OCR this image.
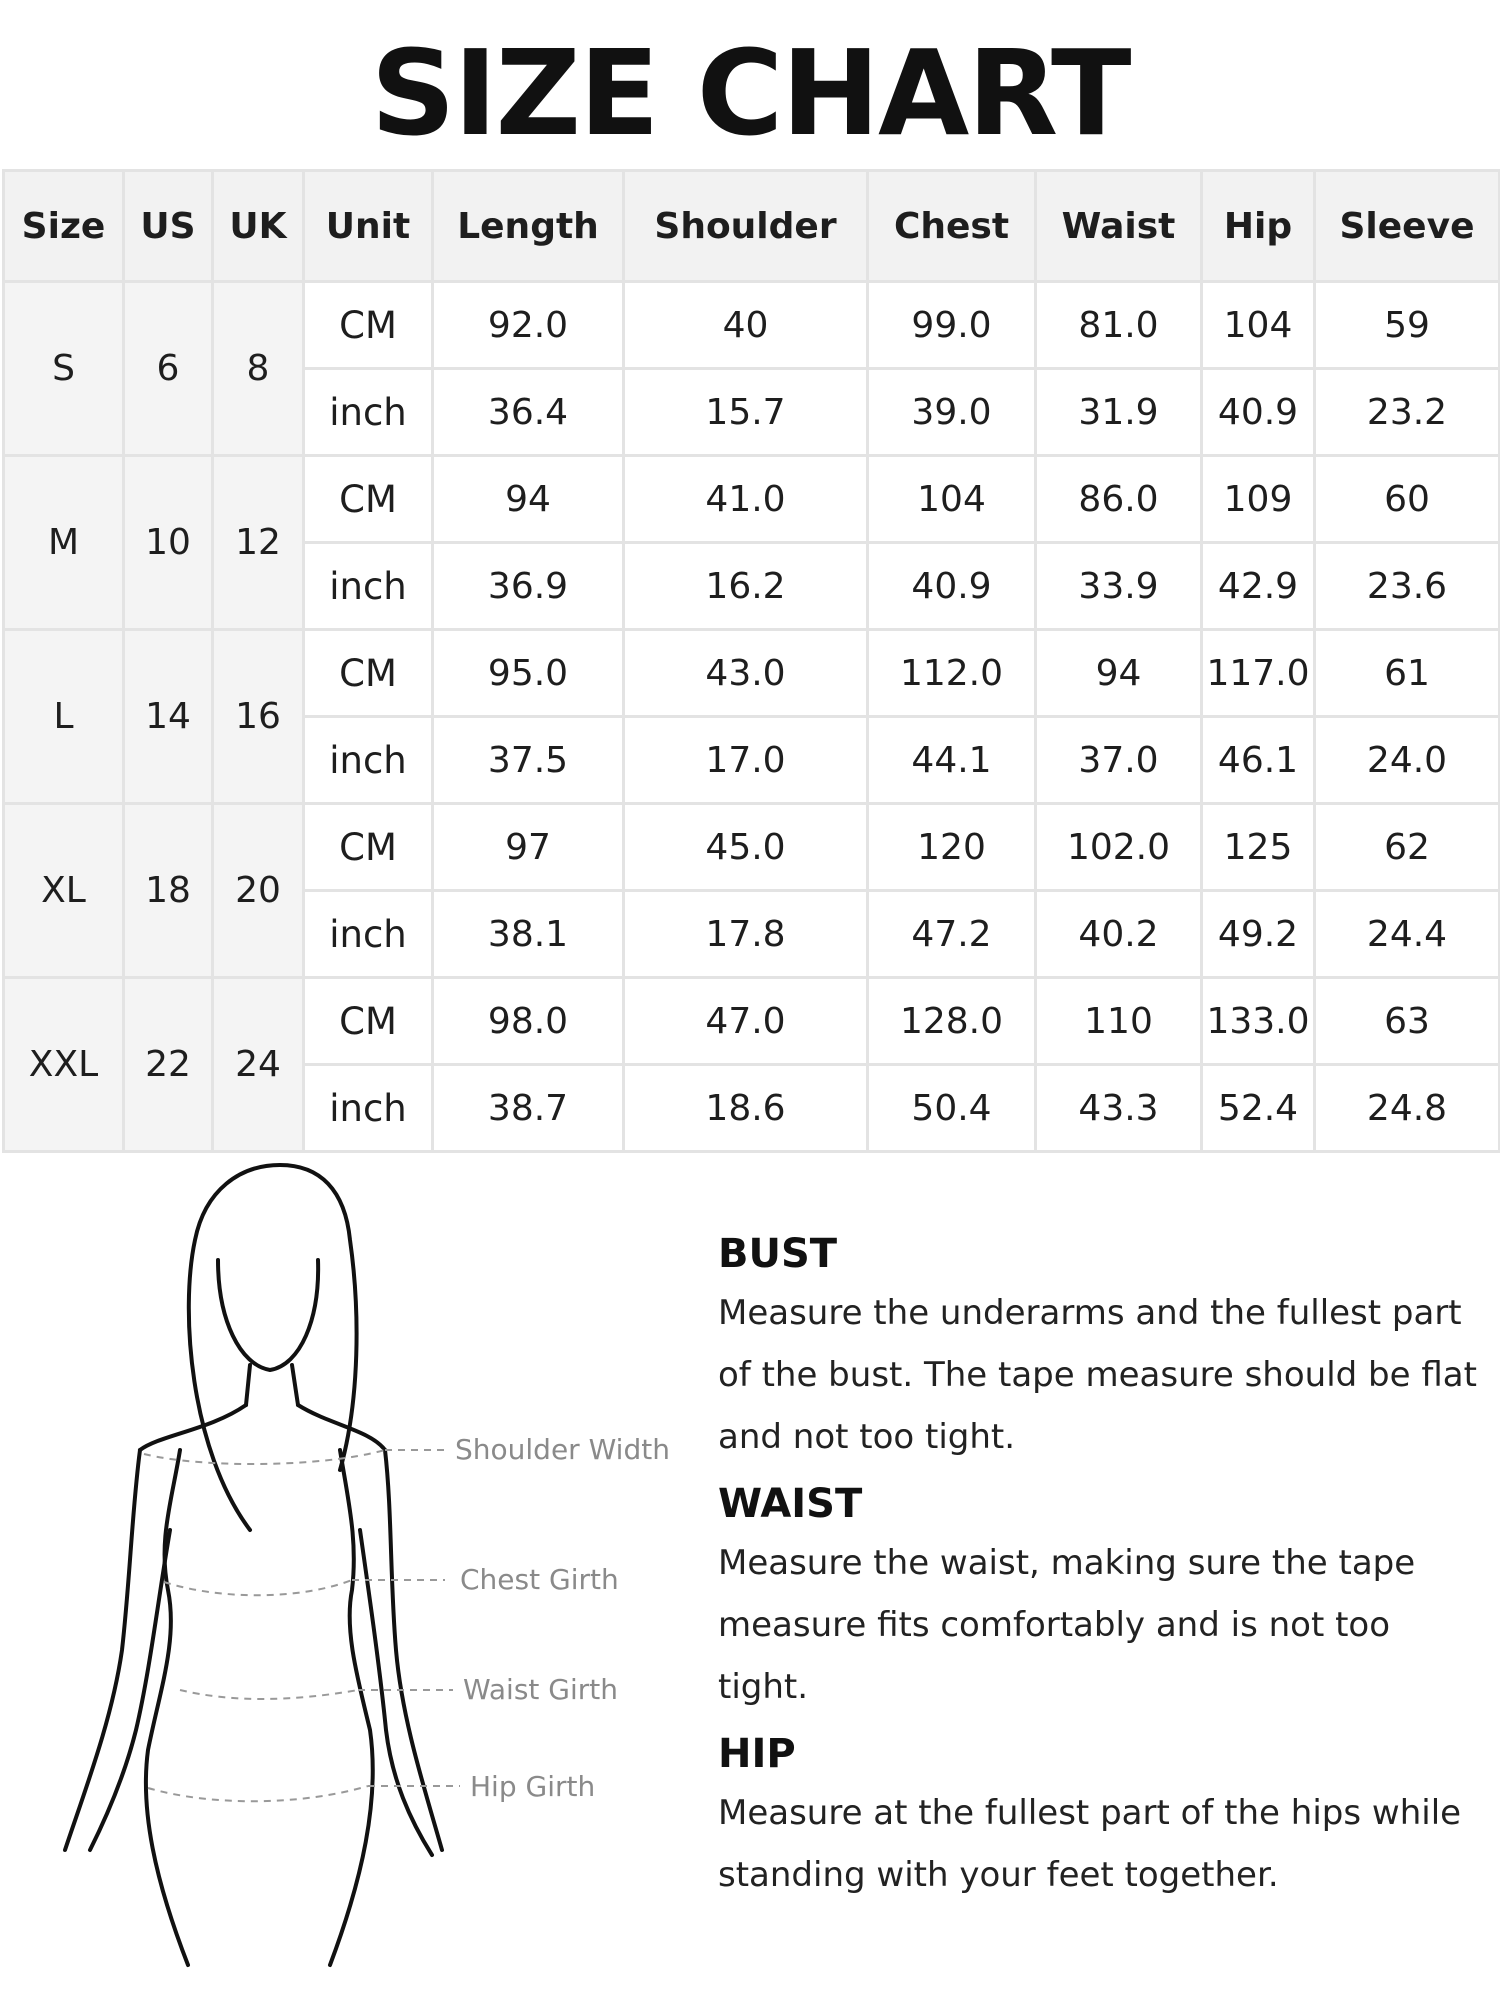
SIZE CHART
Size	US	UK	Unit	Length	Shoulder	Chest	Waist	Hip	Sleeve
S	6	8	CM	92.0	40	99.0	81.0	104	59
			inch	36.4	15.7	39.0	31.9	40.9	23.2
M	10	12	CM	94	41.0	104	86.0	109	60
			inch	36.9	16.2	40.9	33.9	42.9	23.6
L	14	16	CM	95.0	43.0	112.0	94	117.0	61
			inch	37.5	17.0	44.1	37.0	46.1	24.0
XL	18	20	CM	97	45.0	120	102.0	125	62
			inch	38.1	17.8	47.2	40.2	49.2	24.4
XXL	22	24	CM	98.0	47.0	128.0	110	133.0	63
			inch	38.7	18.6	50.4	43.3	52.4	24.8
Shoulder Width
Chest Girth
Waist Girth
Hip Girth

BUST

Measure the underarms and the fullest part of the bust. The tape measure should be flat and not too tight.

WAIST

Measure the waist, making sure the tape measure fits comfortably and is not too tight.

HIP

Measure at the fullest part of the hips while standing with your feet together.
